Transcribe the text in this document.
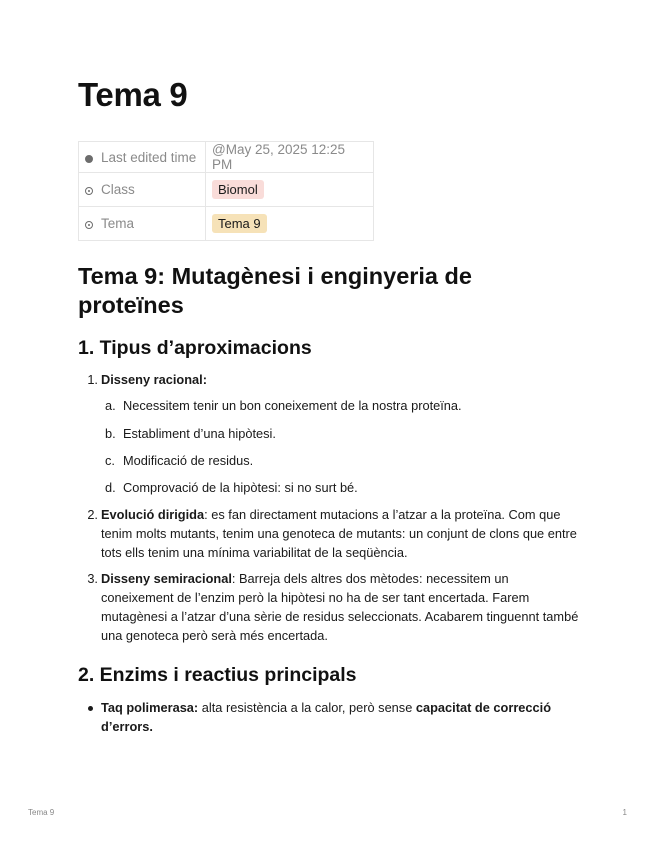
Tema 9
Last edited time	@May 25, 2025 12:25 PM
Class	Biomol
Tema	Tema 9
Tema 9: Mutagènesi i enginyeria de proteïnes
1. Tipus d’aproximacions
1. Disseny racional:
a. Necessitem tenir un bon coneixement de la nostra proteïna.
b. Establiment d’una hipòtesi.
c. Modificació de residus.
d. Comprovació de la hipòtesi: si no surt bé.
2. Evolució dirigida: es fan directament mutacions a l’atzar a la proteïna. Com que tenim molts mutants, tenim una genoteca de mutants: un conjunt de clons que entre tots ells tenim una mínima variabilitat de la seqüència.
3. Disseny semiracional: Barreja dels altres dos mètodes: necessitem un coneixement de l’enzim però la hipòtesi no ha de ser tant encertada. Farem mutagènesi a l’atzar d’una sèrie de residus seleccionats. Acabarem tinguennt també una genoteca però serà més encertada.
2. Enzims i reactius principals
Taq polimerasa: alta resistència a la calor, però sense capacitat de correcció d’errors.
Tema 9	1
